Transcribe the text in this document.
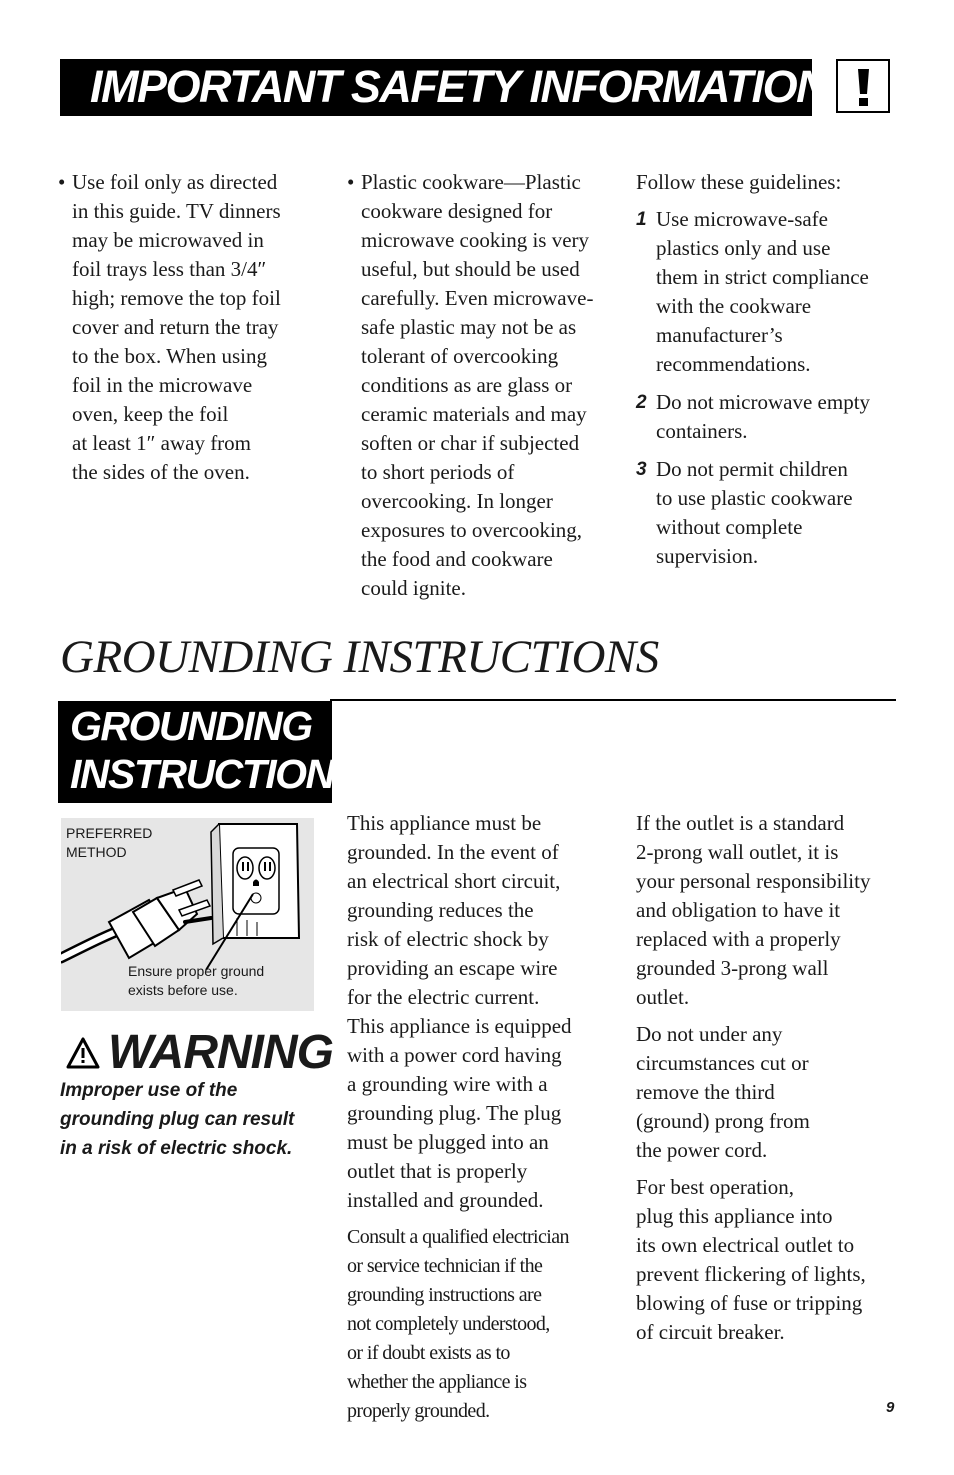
IMPORTANT SAFETY INFORMATION
• Use foil only as directed
in this guide. TV dinners
may be microwaved in
foil trays less than 3/4″
high; remove the top foil
cover and return the tray
to the box. When using
foil in the microwave
oven, keep the foil
at least 1″ away from
the sides of the oven.

• Plastic cookware—Plastic
cookware designed for
microwave cooking is very
useful, but should be used
carefully. Even microwave-
safe plastic may not be as
tolerant of overcooking
conditions as are glass or
ceramic materials and may
soften or char if subjected
to short periods of
overcooking. In longer
exposures to overcooking,
the food and cookware
could ignite.

Follow these guidelines:

1 Use microwave-safe
plastics only and use
them in strict compliance
with the cookware
manufacturer’s
recommendations.

2 Do not microwave empty
containers.

3 Do not permit children
to use plastic cookware
without complete
supervision.

GROUNDING INSTRUCTIONS
GROUNDING
INSTRUCTIONS
PREFERRED
METHOD
Ensure proper ground
exists before use.
WARNING

Improper use of the
grounding plug can result
in a risk of electric shock.

This appliance must be
grounded. In the event of
an electrical short circuit,
grounding reduces the
risk of electric shock by
providing an escape wire
for the electric current.
This appliance is equipped
with a power cord having
a grounding wire with a
grounding plug. The plug
must be plugged into an
outlet that is properly
installed and grounded.

Consult a qualified electrician
or service technician if the
grounding instructions are
not completely understood,
or if doubt exists as to
whether the appliance is
properly grounded.

If the outlet is a standard
2-prong wall outlet, it is
your personal responsibility
and obligation to have it
replaced with a properly
grounded 3-prong wall
outlet.

Do not under any
circumstances cut or
remove the third
(ground) prong from
the power cord.

For best operation,
plug this appliance into
its own electrical outlet to
prevent flickering of lights,
blowing of fuse or tripping
of circuit breaker.

9
